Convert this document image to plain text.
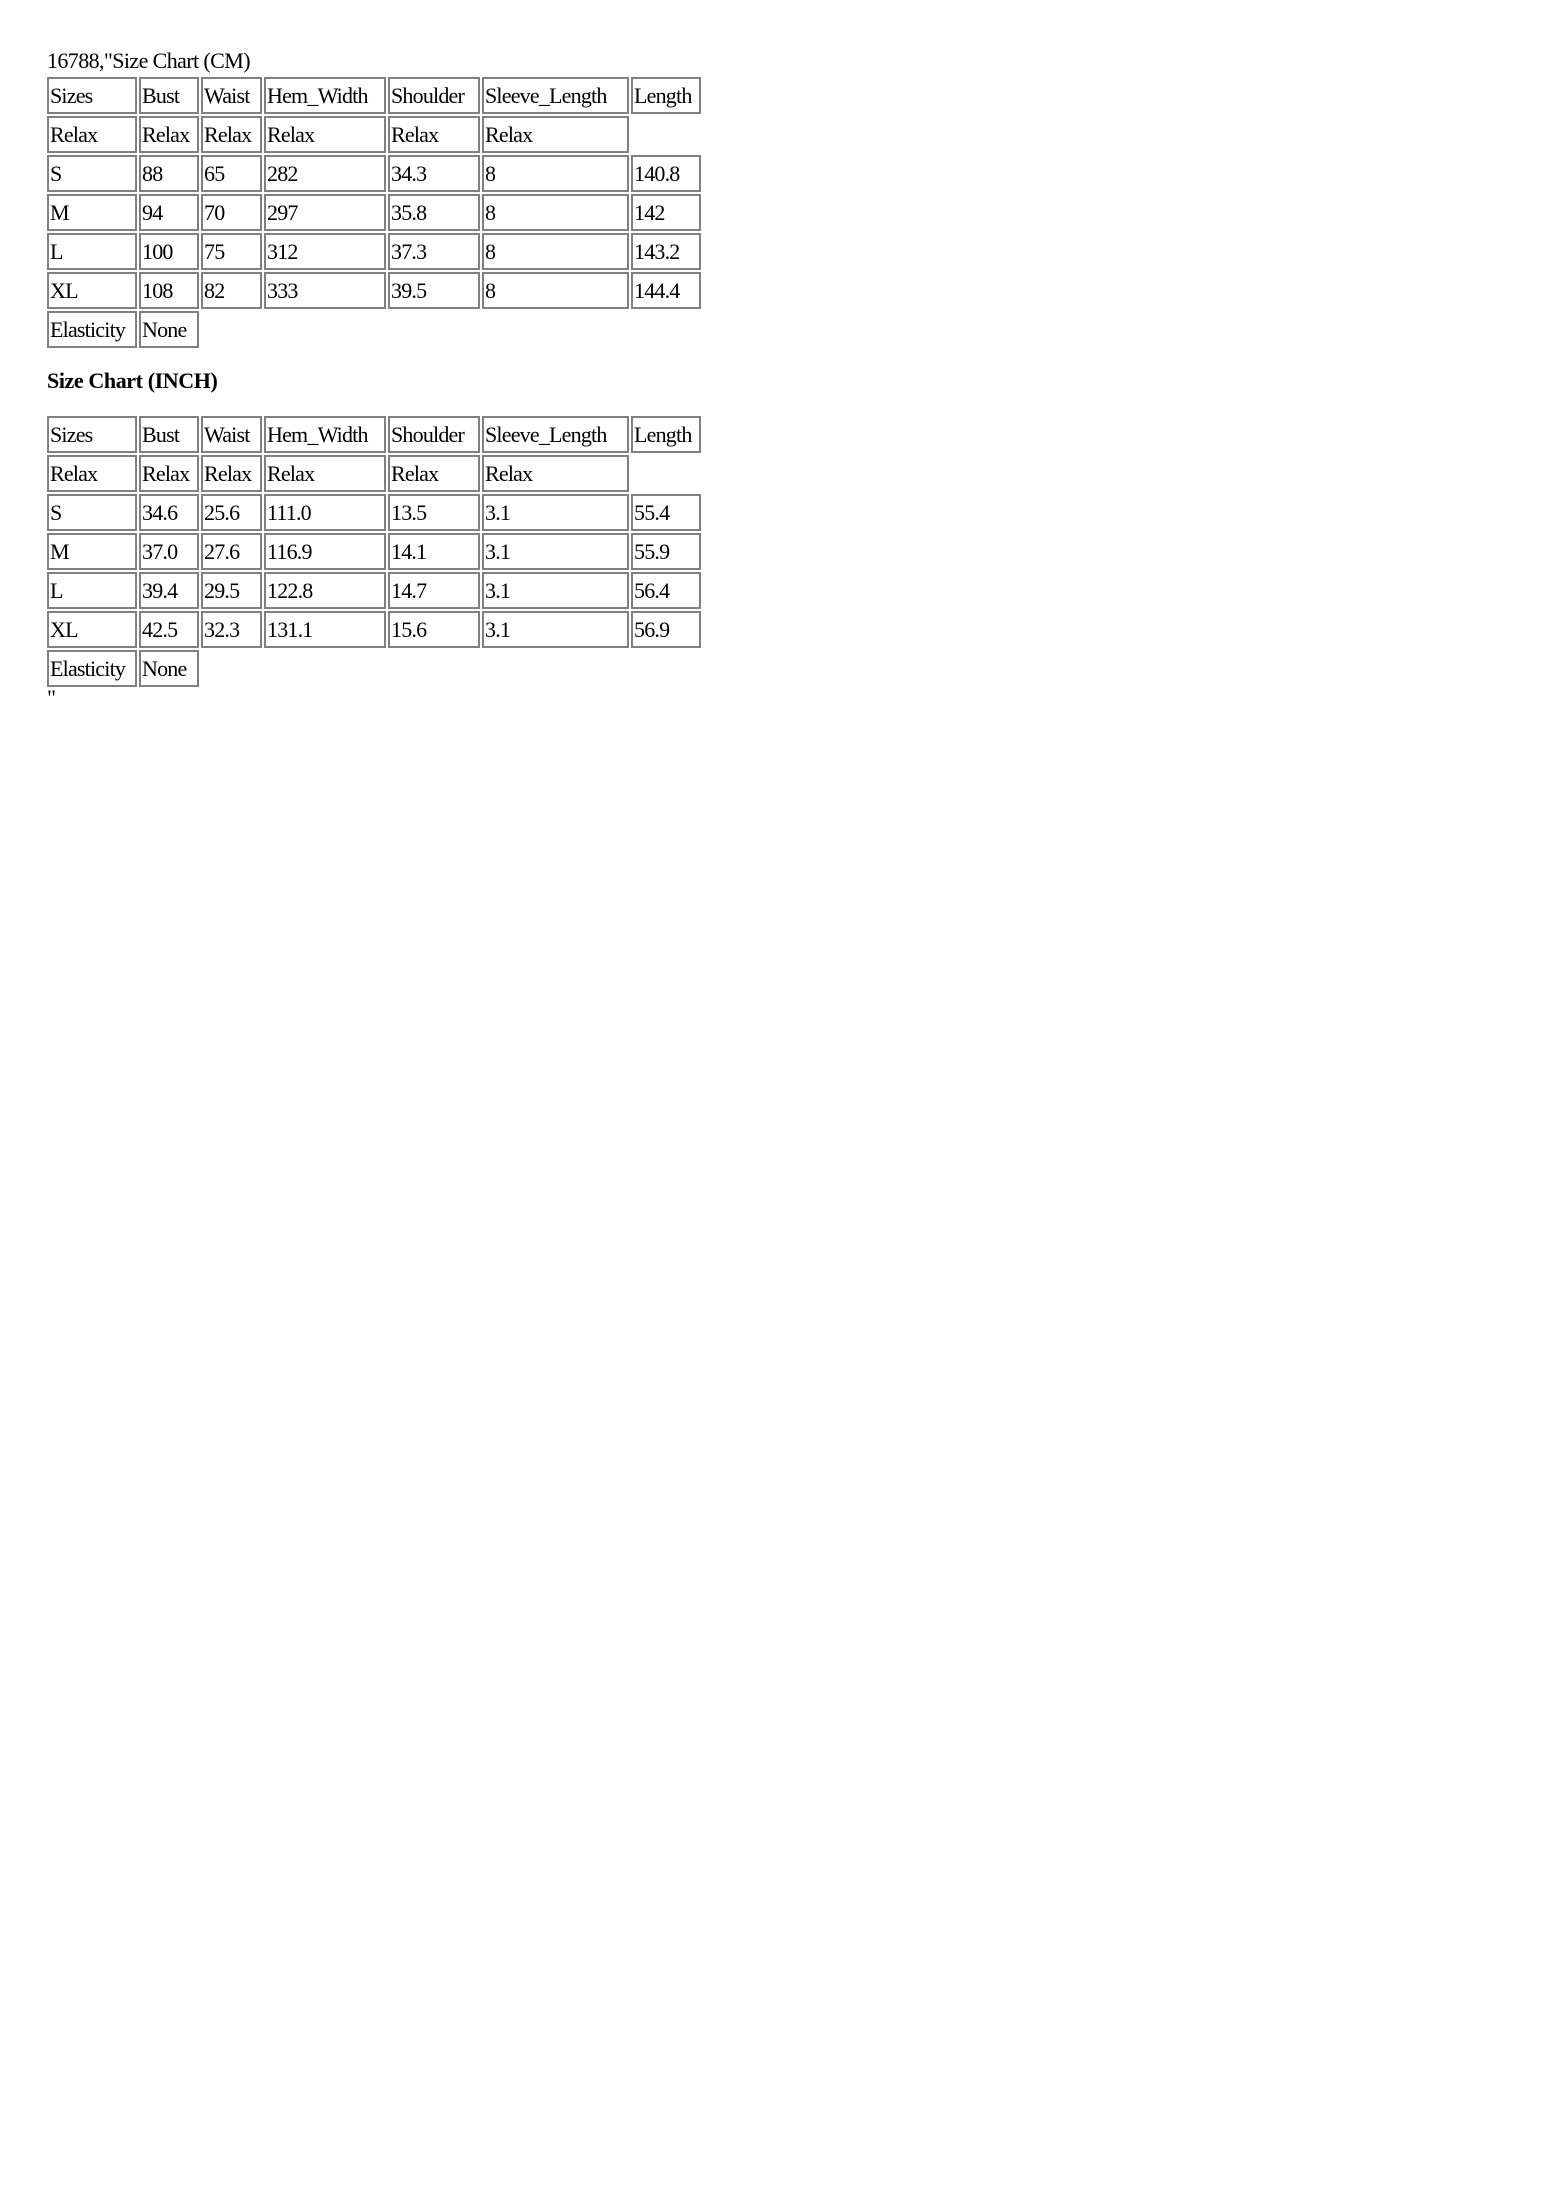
16788,"Size Chart (CM)
Sizes	Bust	Waist	Hem_Width	Shoulder	Sleeve_Length	Length
Relax	Relax	Relax	Relax	Relax	Relax	
S	88	65	282	34.3	8	140.8
M	94	70	297	35.8	8	142
L	100	75	312	37.3	8	143.2
XL	108	82	333	39.5	8	144.4
Elasticity	None					
Size Chart (INCH)
Sizes	Bust	Waist	Hem_Width	Shoulder	Sleeve_Length	Length
Relax	Relax	Relax	Relax	Relax	Relax	
S	34.6	25.6	111.0	13.5	3.1	55.4
M	37.0	27.6	116.9	14.1	3.1	55.9
L	39.4	29.5	122.8	14.7	3.1	56.4
XL	42.5	32.3	131.1	15.6	3.1	56.9
Elasticity	None					
"
